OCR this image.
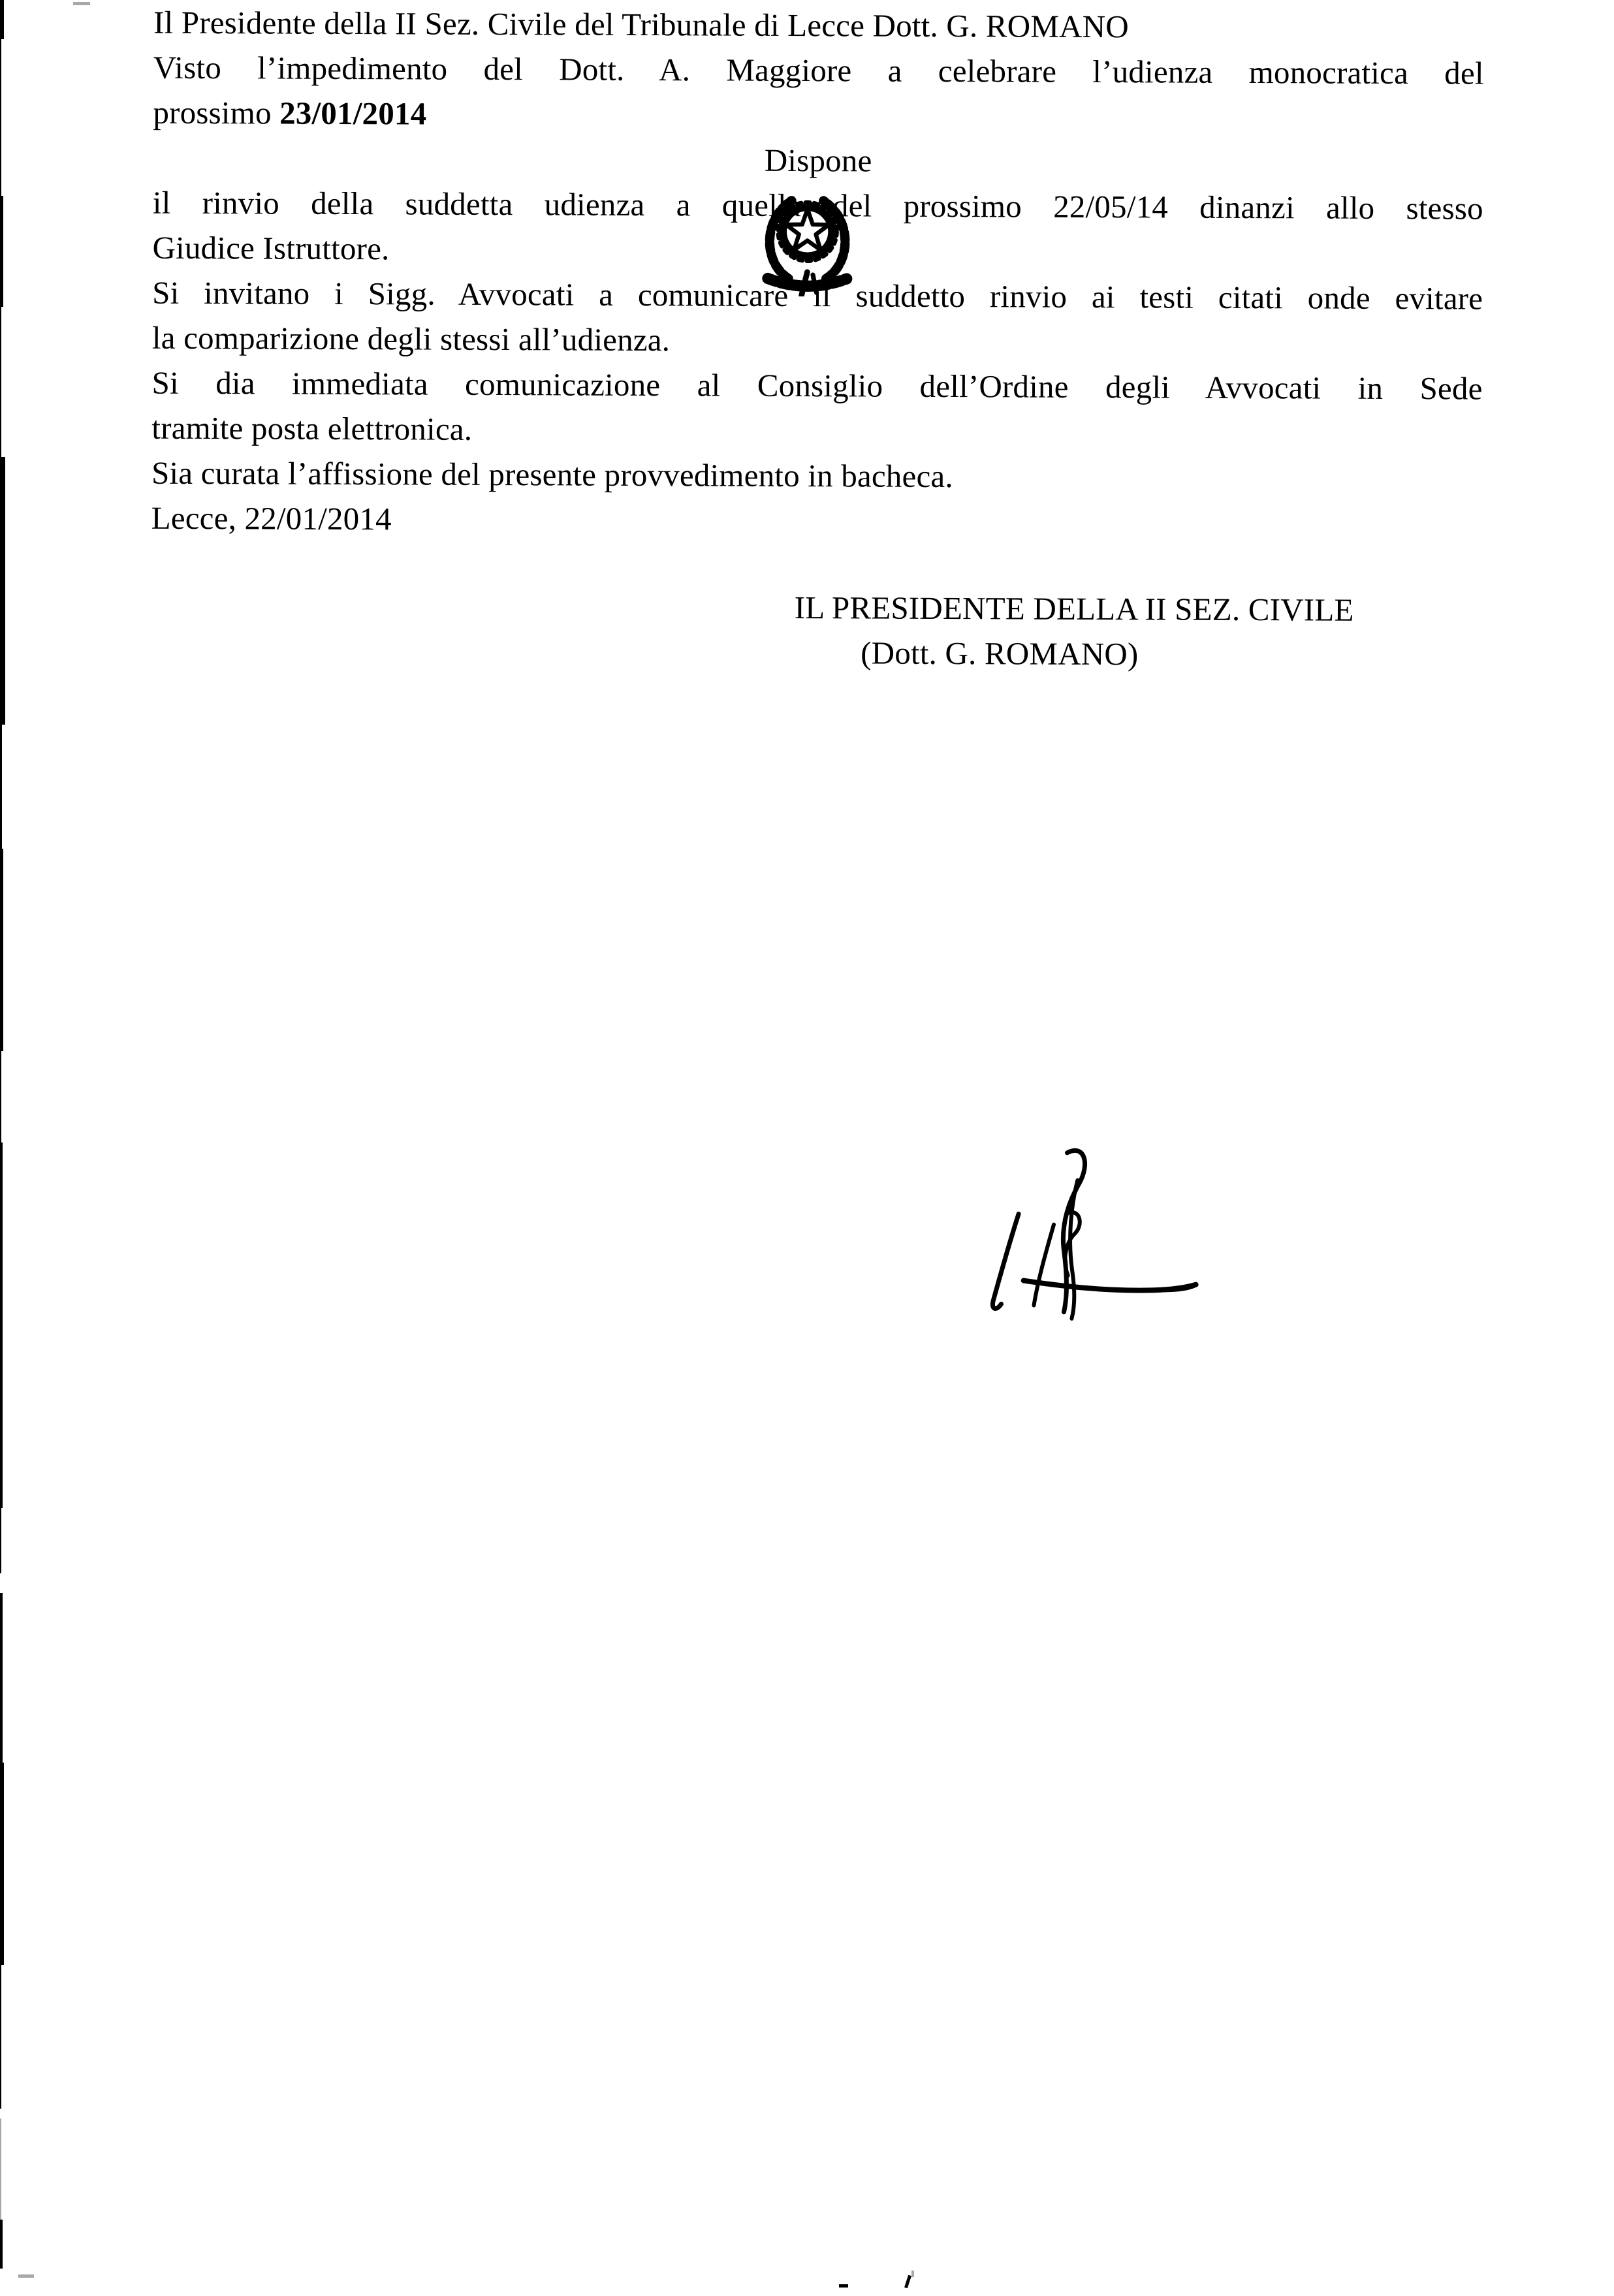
Il Presidente della II Sez. Civile del Tribunale di Lecce Dott. G. ROMANO

Visto l’impedimento del Dott. A. Maggiore a celebrare l’udienza monocratica del
prossimo 23/01/2014

Dispone

il rinvio della suddetta udienza a quella del prossimo 22/05/14 dinanzi allo stesso
Giudice Istruttore.

Si invitano i Sigg. Avvocati a comunicare il suddetto rinvio ai testi citati onde evitare
la comparizione degli stessi all’udienza.

Si dia immediata comunicazione al Consiglio dell’Ordine degli Avvocati in Sede
tramite posta elettronica.

Sia curata l’affissione del presente provvedimento in bacheca.

Lecce, 22/01/2014

IL PRESIDENTE DELLA II SEZ. CIVILE
(Dott. G. ROMANO)
